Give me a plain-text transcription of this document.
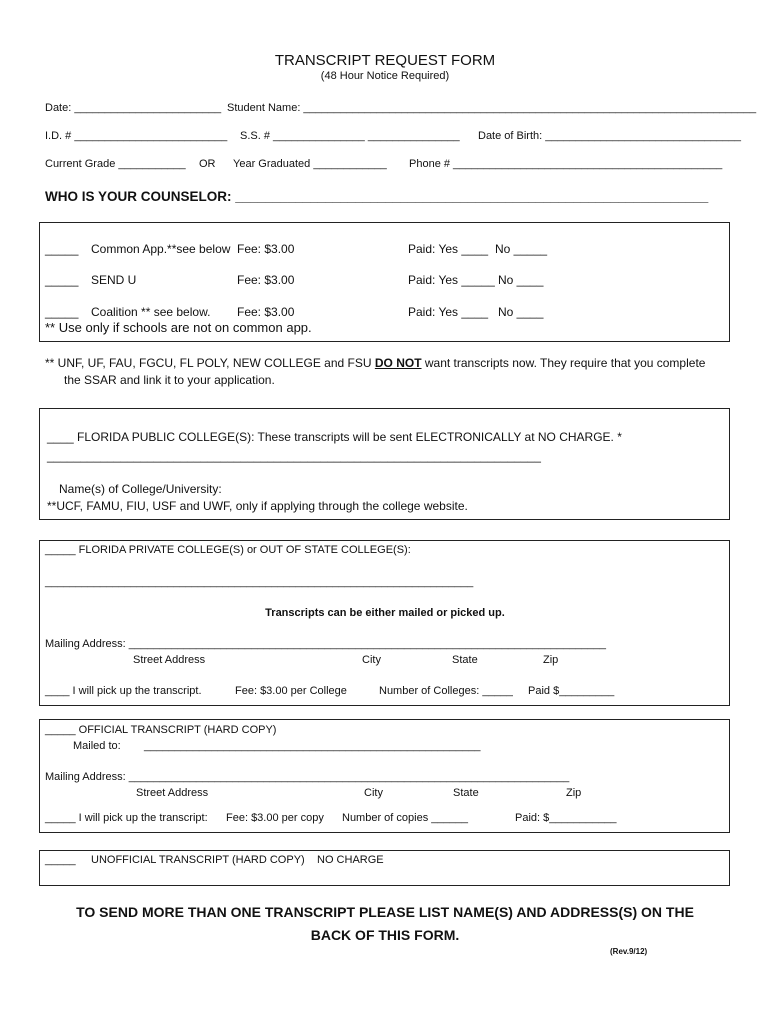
TRANSCRIPT REQUEST FORM
(48 Hour Notice Required)
Date: ________________________ Student Name: __________________________________________________________________________
I.D. # _________________________ S.S. # _______________ _______________ Date of Birth: ________________________________
Current Grade ___________ OR Year Graduated ____________ Phone # ____________________________________________
WHO IS YOUR COUNSELOR: _______________________________________________________________
_____ Common App.**see below Fee: $3.00	Paid: Yes ____ No _____
_____ SEND U	Fee: $3.00	Paid: Yes _____ No ____
_____ Coalition ** see below. Fee: $3.00	Paid: Yes ____ No ____
** Use only if schools are not on common app.
** UNF, UF, FAU, FGCU, FL POLY, NEW COLLEGE and FSU DO NOT want transcripts now. They require that you complete
the SSAR and link it to your application.
____ FLORIDA PUBLIC COLLEGE(S): These transcripts will be sent ELECTRONICALLY at NO CHARGE. *
__________________________________________________________________________
Name(s) of College/University:
**UCF, FAMU, FIU, USF and UWF, only if applying through the college website.
_____ FLORIDA PRIVATE COLLEGE(S) or OUT OF STATE COLLEGE(S):
______________________________________________________________________
Transcripts can be either mailed or picked up.
Mailing Address: ______________________________________________________________________________
Street Address	City	State	Zip
____ I will pick up the transcript.	Fee: $3.00 per College	Number of Colleges: _____ Paid $_________
_____ OFFICIAL TRANSCRIPT (HARD COPY)
Mailed to: _______________________________________________________
Mailing Address: ________________________________________________________________________
Street Address	City	State	Zip
_____ I will pick up the transcript: Fee: $3.00 per copy Number of copies ______	Paid: $___________
_____ UNOFFICIAL TRANSCRIPT (HARD COPY) NO CHARGE
TO SEND MORE THAN ONE TRANSCRIPT PLEASE LIST NAME(S) AND ADDRESS(S) ON THE
BACK OF THIS FORM.
(Rev.9/12)
